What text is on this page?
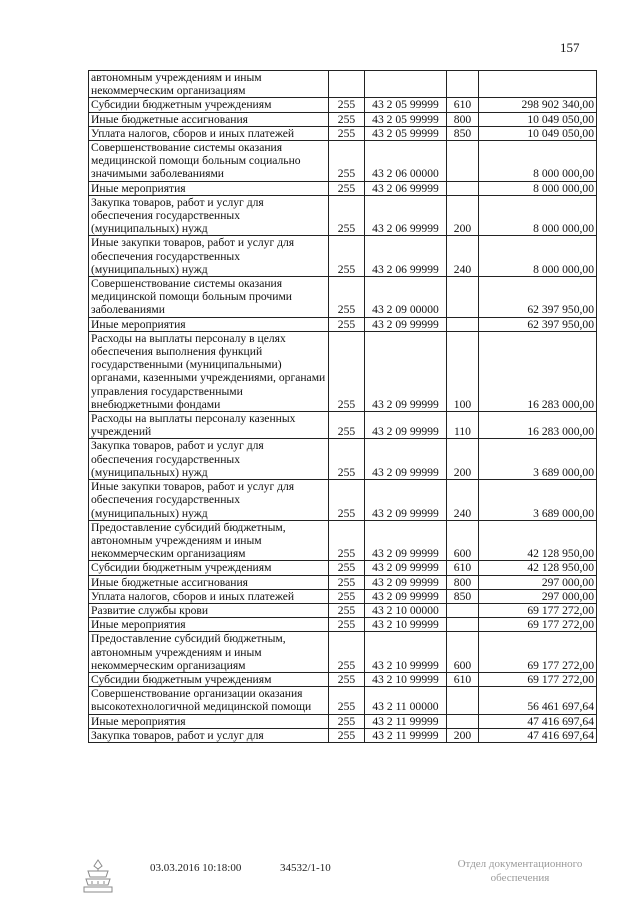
157
автономным учреждениям и иным некоммерческим организациям				
Субсидии бюджетным учреждениям	255	43 2 05 99999	610	298 902 340,00
Иные бюджетные ассигнования	255	43 2 05 99999	800	10 049 050,00
Уплата налогов, сборов и иных платежей	255	43 2 05 99999	850	10 049 050,00
Совершенствование системы оказания медицинской помощи больным социально значимыми заболеваниями	255	43 2 06 00000		8 000 000,00
Иные мероприятия	255	43 2 06 99999		8 000 000,00
Закупка товаров, работ и услуг для обеспечения государственных (муниципальных) нужд	255	43 2 06 99999	200	8 000 000,00
Иные закупки товаров, работ и услуг для обеспечения государственных (муниципальных) нужд	255	43 2 06 99999	240	8 000 000,00
Совершенствование системы оказания медицинской помощи больным прочими заболеваниями	255	43 2 09 00000		62 397 950,00
Иные мероприятия	255	43 2 09 99999		62 397 950,00
Расходы на выплаты персоналу в целях обеспечения выполнения функций государственными (муниципальными) органами, казенными учреждениями, органами управления государственными внебюджетными фондами	255	43 2 09 99999	100	16 283 000,00
Расходы на выплаты персоналу казенных учреждений	255	43 2 09 99999	110	16 283 000,00
Закупка товаров, работ и услуг для обеспечения государственных (муниципальных) нужд	255	43 2 09 99999	200	3 689 000,00
Иные закупки товаров, работ и услуг для обеспечения государственных (муниципальных) нужд	255	43 2 09 99999	240	3 689 000,00
Предоставление субсидий бюджетным, автономным учреждениям и иным некоммерческим организациям	255	43 2 09 99999	600	42 128 950,00
Субсидии бюджетным учреждениям	255	43 2 09 99999	610	42 128 950,00
Иные бюджетные ассигнования	255	43 2 09 99999	800	297 000,00
Уплата налогов, сборов и иных платежей	255	43 2 09 99999	850	297 000,00
Развитие службы крови	255	43 2 10 00000		69 177 272,00
Иные мероприятия	255	43 2 10 99999		69 177 272,00
Предоставление субсидий бюджетным, автономным учреждениям и иным некоммерческим организациям	255	43 2 10 99999	600	69 177 272,00
Субсидии бюджетным учреждениям	255	43 2 10 99999	610	69 177 272,00
Совершенствование организации оказания высокотехнологичной медицинской помощи	255	43 2 11 00000		56 461 697,64
Иные мероприятия	255	43 2 11 99999		47 416 697,64
Закупка товаров, работ и услуг для	255	43 2 11 99999	200	47 416 697,64
03.03.2016 10:18:00	34532/1-10	Отдел документационного обеспечения
